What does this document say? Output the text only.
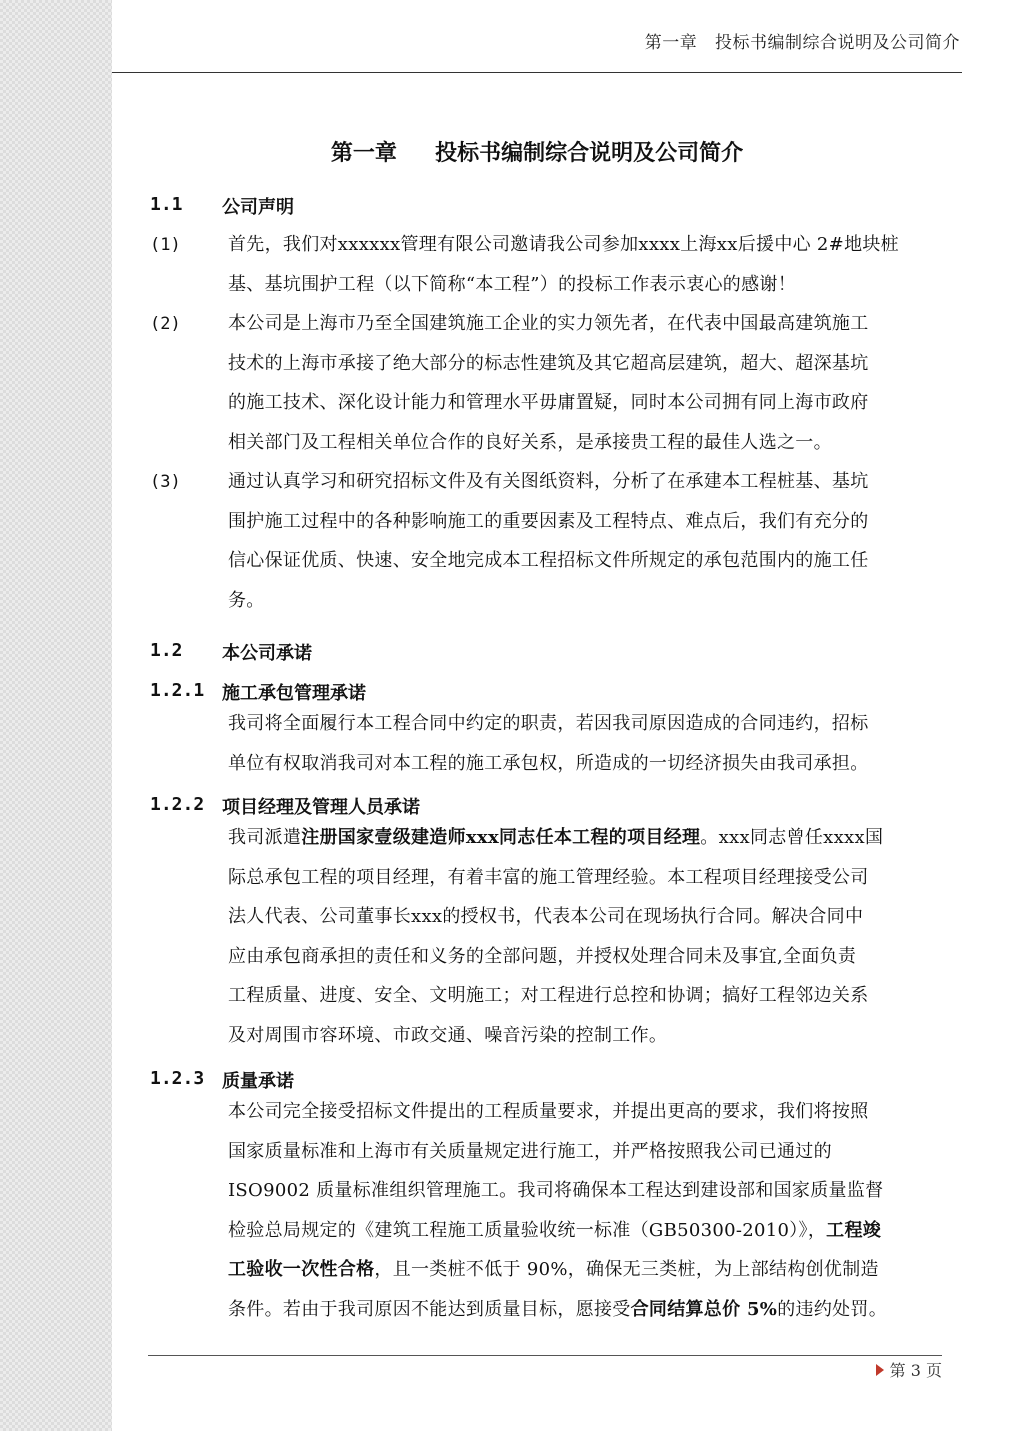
第一章   投标书编制综合说明及公司简介
第一章     投标书编制综合说明及公司简介
1.1 公司声明
(1)	首先，我们对xxxxxx管理有限公司邀请我公司参加xxxx上海xx后援中心 2#地块桩
基、基坑围护工程（以下简称“本工程”）的投标工作表示衷心的感谢！
(2)	本公司是上海市乃至全国建筑施工企业的实力领先者，在代表中国最高建筑施工
技术的上海市承接了绝大部分的标志性建筑及其它超高层建筑，超大、超深基坑
的施工技术、深化设计能力和管理水平毋庸置疑，同时本公司拥有同上海市政府
相关部门及工程相关单位合作的良好关系，是承接贵工程的最佳人选之一。
(3)	通过认真学习和研究招标文件及有关图纸资料，分析了在承建本工程桩基、基坑
围护施工过程中的各种影响施工的重要因素及工程特点、难点后，我们有充分的
信心保证优质、快速、安全地完成本工程招标文件所规定的承包范围内的施工任
务。
1.2 本公司承诺
1.2.1 施工承包管理承诺
我司将全面履行本工程合同中约定的职责，若因我司原因造成的合同违约，招标
单位有权取消我司对本工程的施工承包权，所造成的一切经济损失由我司承担。
1.2.2 项目经理及管理人员承诺
我司派遣注册国家壹级建造师xxx同志任本工程的项目经理。xxx同志曾任xxxx国
际总承包工程的项目经理，有着丰富的施工管理经验。本工程项目经理接受公司
法人代表、公司董事长xxx的授权书，代表本公司在现场执行合同。解决合同中
应由承包商承担的责任和义务的全部问题，并授权处理合同未及事宜,全面负责
工程质量、进度、安全、文明施工；对工程进行总控和协调；搞好工程邻边关系
及对周围市容环境、市政交通、噪音污染的控制工作。
1.2.3 质量承诺
本公司完全接受招标文件提出的工程质量要求，并提出更高的要求，我们将按照
国家质量标准和上海市有关质量规定进行施工，并严格按照我公司已通过的
ISO9002 质量标准组织管理施工。我司将确保本工程达到建设部和国家质量监督
检验总局规定的《建筑工程施工质量验收统一标准（GB50300-2010）》，工程竣
工验收一次性合格，且一类桩不低于 90%，确保无三类桩，为上部结构创优制造
条件。若由于我司原因不能达到质量目标，愿接受合同结算总价 5%的违约处罚。
第 3 页
